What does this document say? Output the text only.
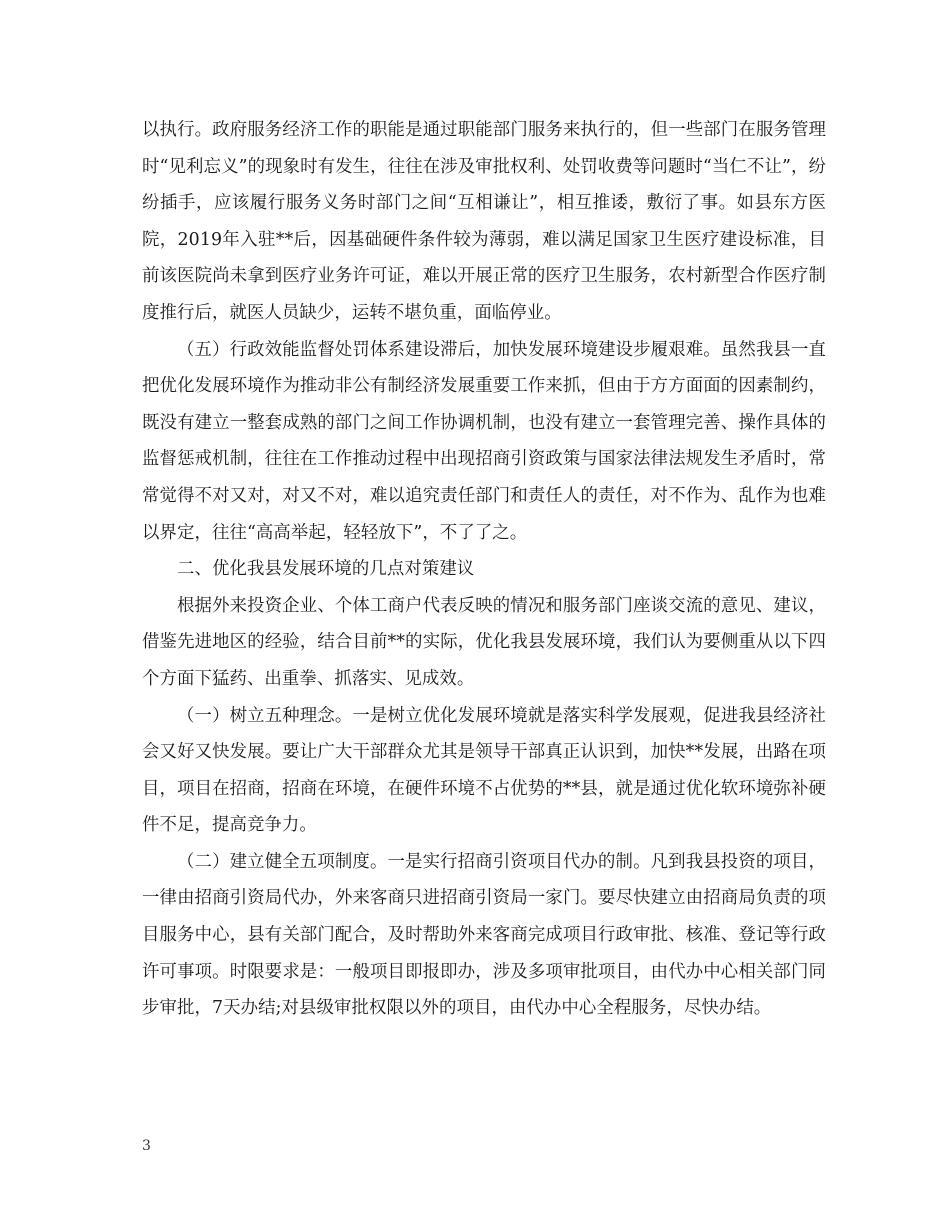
以执行。政府服务经济工作的职能是通过职能部门服务来执行的，但一些部门在服务管理时“见利忘义”的现象时有发生，往往在涉及审批权利、处罚收费等问题时“当仁不让”，纷纷插手，应该履行服务义务时部门之间“互相谦让”，相互推诿，敷衍了事。如县东方医院，2019年入驻**后，因基础硬件条件较为薄弱，难以满足国家卫生医疗建设标准，目前该医院尚未拿到医疗业务许可证，难以开展正常的医疗卫生服务，农村新型合作医疗制度推行后，就医人员缺少，运转不堪负重，面临停业。

（五）行政效能监督处罚体系建设滞后，加快发展环境建设步履艰难。虽然我县一直把优化发展环境作为推动非公有制经济发展重要工作来抓，但由于方方面面的因素制约，既没有建立一整套成熟的部门之间工作协调机制，也没有建立一套管理完善、操作具体的监督惩戒机制，往往在工作推动过程中出现招商引资政策与国家法律法规发生矛盾时，常常觉得不对又对，对又不对，难以追究责任部门和责任人的责任，对不作为、乱作为也难以界定，往往“高高举起，轻轻放下”，不了了之。

二、优化我县发展环境的几点对策建议

根据外来投资企业、个体工商户代表反映的情况和服务部门座谈交流的意见、建议，借鉴先进地区的经验，结合目前**的实际，优化我县发展环境，我们认为要侧重从以下四个方面下猛药、出重拳、抓落实、见成效。

（一）树立五种理念。一是树立优化发展环境就是落实科学发展观，促进我县经济社会又好又快发展。要让广大干部群众尤其是领导干部真正认识到，加快**发展，出路在项目，项目在招商，招商在环境，在硬件环境不占优势的**县，就是通过优化软环境弥补硬件不足，提高竞争力。

（二）建立健全五项制度。一是实行招商引资项目代办的制。凡到我县投资的项目，一律由招商引资局代办，外来客商只进招商引资局一家门。要尽快建立由招商局负责的项目服务中心，县有关部门配合，及时帮助外来客商完成项目行政审批、核准、登记等行政许可事项。时限要求是：一般项目即报即办，涉及多项审批项目，由代办中心相关部门同步审批，7天办结;对县级审批权限以外的项目，由代办中心全程服务，尽快办结。

3
